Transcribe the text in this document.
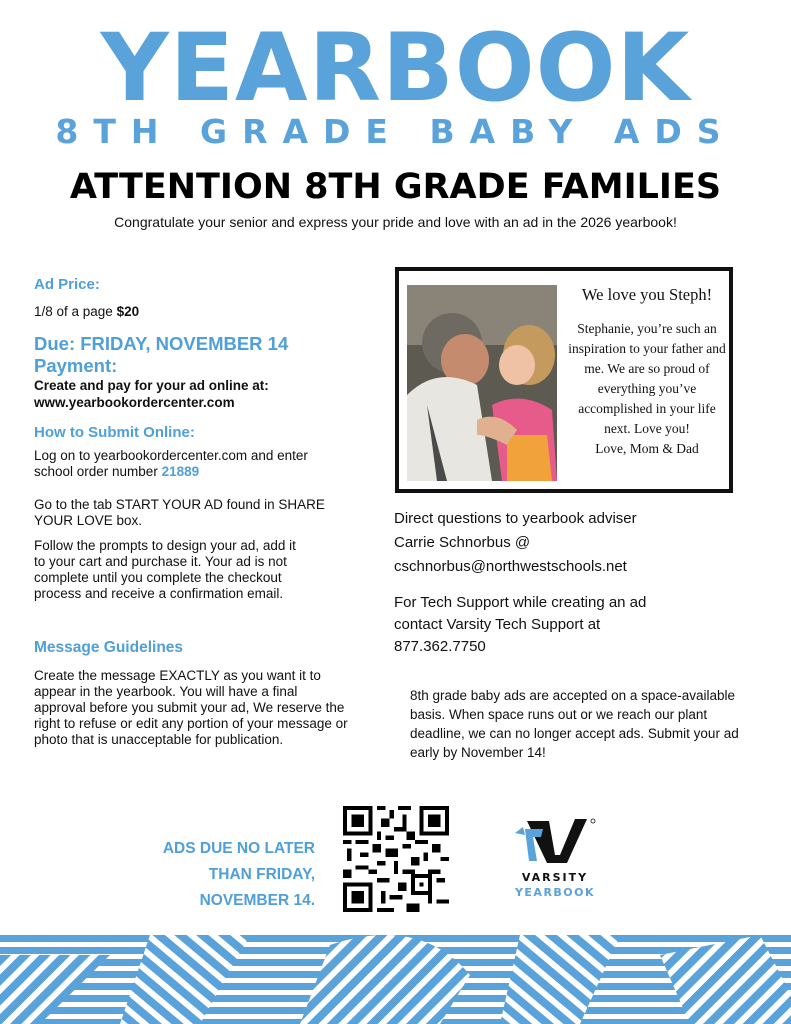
YEARBOOK
8TH GRADE BABY ADS
ATTENTION 8TH GRADE FAMILIES
Congratulate your senior and express your pride and love with an ad in the 2026 yearbook!
Ad Price:
1/8 of a page $20
Due: FRIDAY, NOVEMBER 14
Payment:
Create and pay for your ad online at:
www.yearbookordercenter.com
How to Submit Online:
Log on to yearbookordercenter.com and enter school order number 21889
Go to the tab START YOUR AD found in SHARE YOUR LOVE box.
Follow the prompts to design your ad, add it to your cart and purchase it. Your ad is not complete until you complete the checkout process and receive a confirmation email.
Message Guidelines
Create the message EXACTLY as you want it to appear in the yearbook. You will have a final approval before you submit your ad, We reserve the right to refuse or edit any portion of your message or photo that is unacceptable for publication.
We love you Steph!
Stephanie, you’re such an inspiration to your father and me. We are so proud of everything you’ve accomplished in your life next. Love you!
Love, Mom & Dad
Direct questions to yearbook adviser
Carrie Schnorbus @
cschnorbus@northwestschools.net
For Tech Support while creating an ad
contact Varsity Tech Support at
877.362.7750
8th grade baby ads are accepted on a space-available basis. When space runs out or we reach our plant deadline, we can no longer accept ads. Submit your ad early by November 14!
ADS DUE NO LATER
THAN FRIDAY,
NOVEMBER 14.
VARSITY
YEARBOOK
